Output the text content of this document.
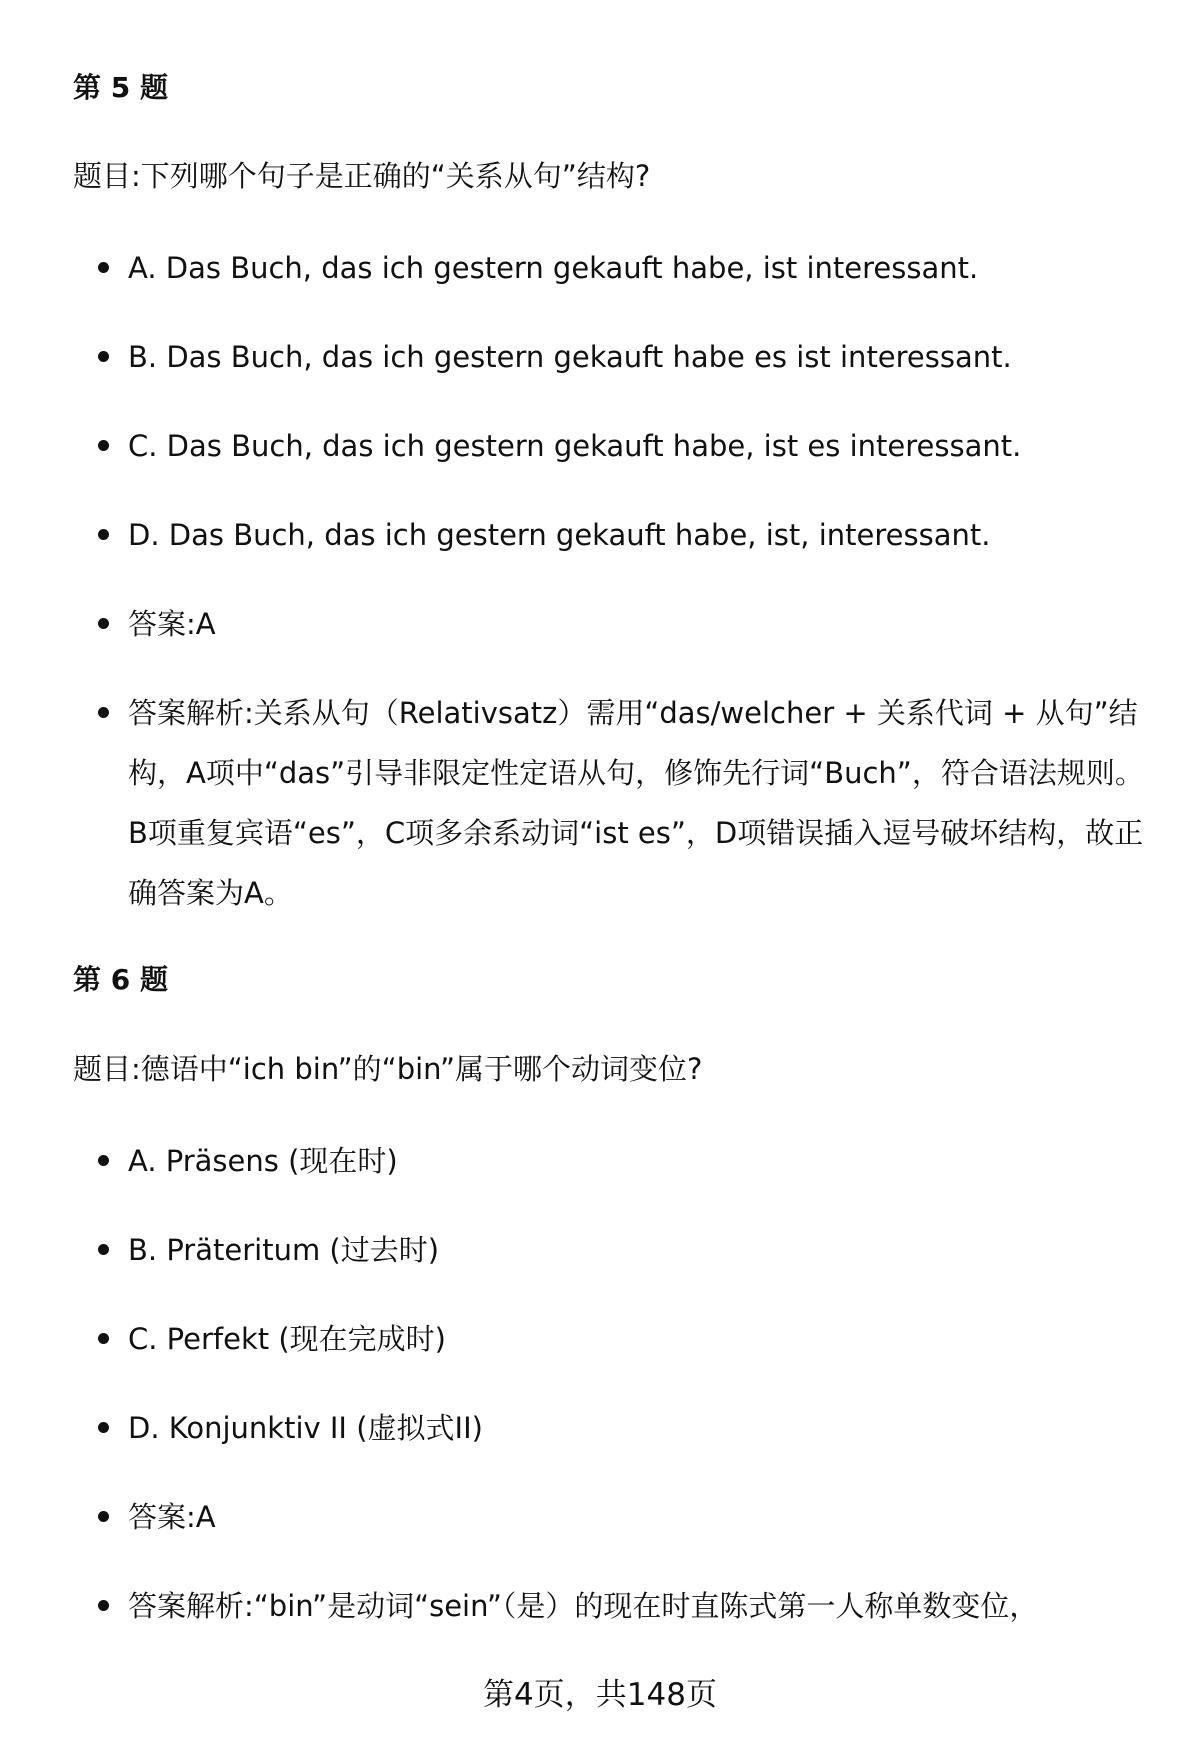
第 5 题

题目:下列哪个句子是正确的“关系从句”结构?

A. Das Buch, das ich gestern gekauft habe, ist interessant.
B. Das Buch, das ich gestern gekauft habe es ist interessant.
C. Das Buch, das ich gestern gekauft habe, ist es interessant.
D. Das Buch, das ich gestern gekauft habe, ist, interessant.
答案:A
答案解析:关系从句（Relativsatz）需用“das/welcher + 关系代词 + 从句”结构，A项中“das”引导非限定性定语从句，修饰先行词“Buch”，符合语法规则。B项重复宾语“es”，C项多余系动词“ist es”，D项错误插入逗号破坏结构，故正确答案为A。
第 6 题

题目:德语中“ich bin”的“bin”属于哪个动词变位?

A. Präsens (现在时)
B. Präteritum (过去时)
C. Perfekt (现在完成时)
D. Konjunktiv II (虚拟式II)
答案:A
答案解析:“bin”是动词“sein”（是）的现在时直陈式第一人称单数变位，

第4页，共148页
